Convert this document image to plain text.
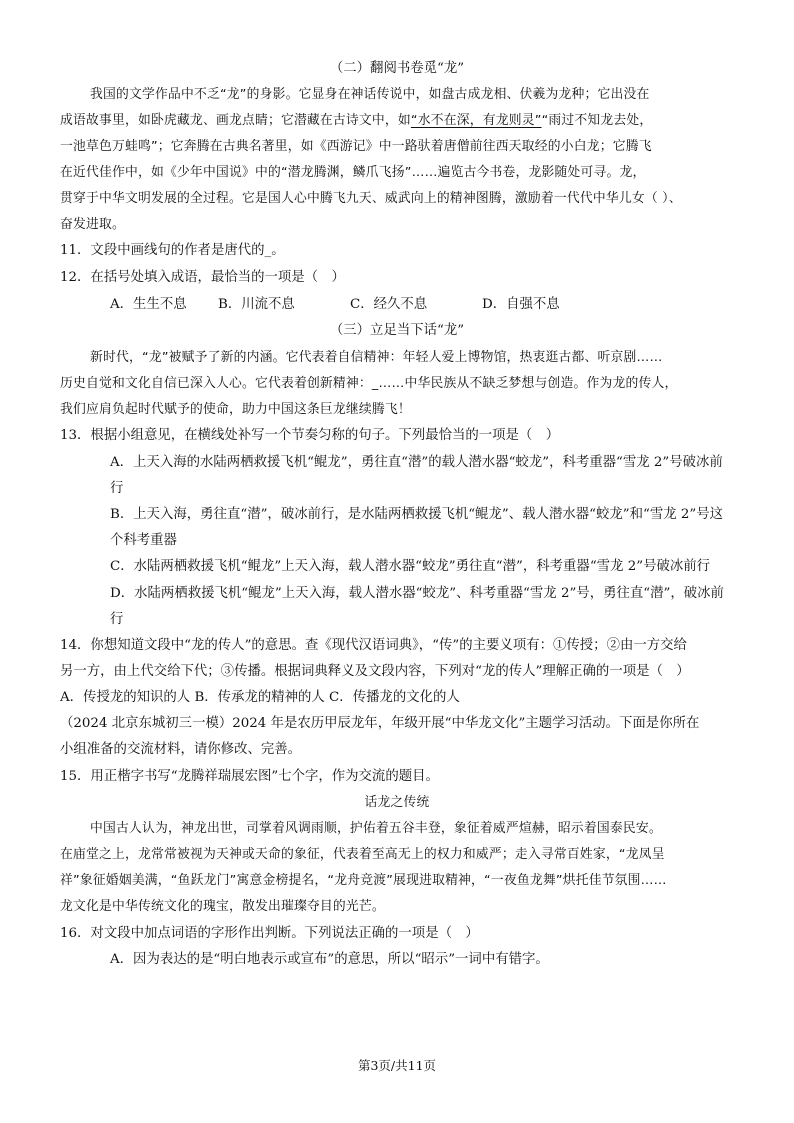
（二）翻阅书卷觅“龙”
我国的文学作品中不乏“龙”的身影。它显身在神话传说中，如盘古成龙相、伏羲为龙种；它出没在
成语故事里，如卧虎藏龙、画龙点睛；它潜藏在古诗文中，如“水不在深，有龙则灵”“雨过不知龙去处，
一池草色万蛙鸣”；它奔腾在古典名著里，如《西游记》中一路驮着唐僧前往西天取经的小白龙；它腾飞
在近代佳作中，如《少年中国说》中的“潜龙腾渊，鳞爪飞扬”……遍览古今书卷，龙影随处可寻。龙，
贯穿于中华文明发展的全过程。它是国人心中腾飞九天、威武向上的精神图腾，激励着一代代中华儿女（ ）、
奋发进取。
11．文段中画线句的作者是唐代的_。
12．在括号处填入成语，最恰当的一项是（　）
A．生生不息 B．川流不息	C．经久不息	D．自强不息
（三）立足当下话“龙”
新时代，“龙”被赋予了新的内涵。它代表着自信精神：年轻人爱上博物馆，热衷逛古都、听京剧……
历史自觉和文化自信已深入人心。它代表着创新精神：_……中华民族从不缺乏梦想与创造。作为龙的传人，
我们应肩负起时代赋予的使命，助力中国这条巨龙继续腾飞！
13．根据小组意见，在横线处补写一个节奏匀称的句子。下列最恰当的一项是（　）
A．上天入海的水陆两栖救援飞机“鲲龙”，勇往直“潜”的载人潜水器“蛟龙”，科考重器“雪龙 2”号破冰前
行
B．上天入海，勇往直“潜”，破冰前行，是水陆两栖救援飞机“鲲龙”、载人潜水器“蛟龙”和“雪龙 2”号这
个科考重器
C．水陆两栖救援飞机“鲲龙”上天入海，载人潜水器“蛟龙”勇往直“潜”，科考重器“雪龙 2”号破冰前行
D．水陆两栖救援飞机“鲲龙”上天入海，载人潜水器“蛟龙”、科考重器“雪龙 2”号，勇往直“潜”，破冰前
行
14．你想知道文段中“龙的传人”的意思。查《现代汉语词典》，“传”的主要义项有：①传授；②由一方交给
另一方，由上代交给下代；③传播。根据词典释义及文段内容，下列对“龙的传人”理解正确的一项是（　）
A．传授龙的知识的人 B．传承龙的精神的人 C．传播龙的文化的人
（2024 北京东城初三一模）2024 年是农历甲辰龙年，年级开展“中华龙文化”主题学习活动。下面是你所在
小组准备的交流材料，请你修改、完善。
15．用正楷字书写“龙腾祥瑞展宏图”七个字，作为交流的题目。
话龙之传统
中国古人认为，神龙出世，司掌着风调雨顺，护佑着五谷丰登，象征着威严煊赫，昭示着国泰民安。
在庙堂之上，龙常常被视为天神或天命的象征，代表着至高无上的权力和威严；走入寻常百姓家，“龙凤呈
祥”象征婚姻美满，“鱼跃龙门”寓意金榜提名，“龙舟竞渡”展现进取精神，“一夜鱼龙舞”烘托佳节氛围……
龙文化是中华传统文化的瑰宝，散发出璀璨夺目的光芒。
16．对文段中加点词语的字形作出判断。下列说法正确的一项是（　）
A．因为表达的是“明白地表示或宣布”的意思，所以“昭示”一词中有错字。
第3页/共11页
